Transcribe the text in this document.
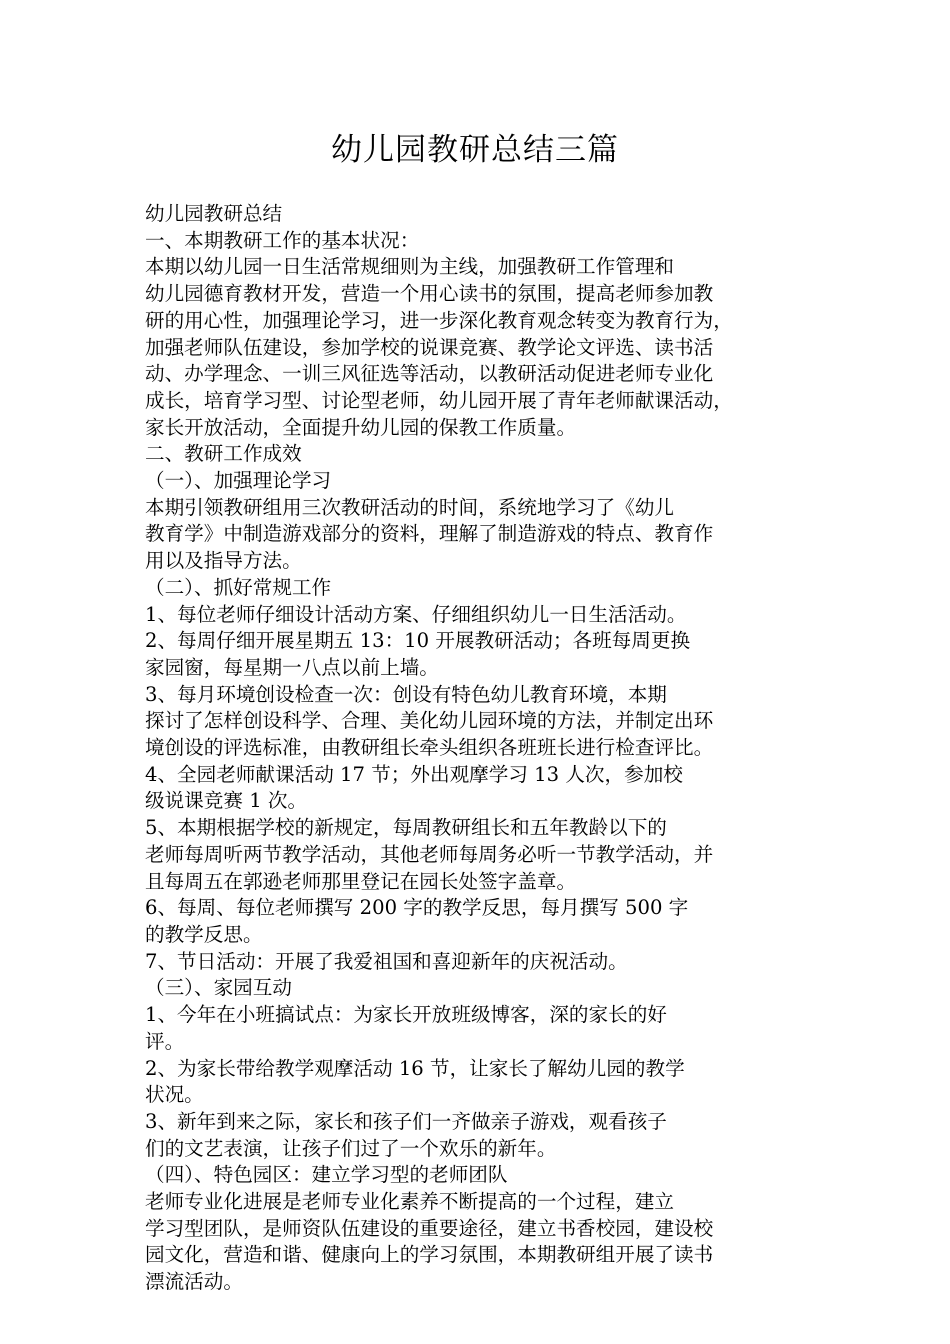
幼儿园教研总结三篇

幼儿园教研总结

一、本期教研工作的基本状况：

本期以幼儿园一日生活常规细则为主线，加强教研工作管理和

幼儿园德育教材开发，营造一个用心读书的氛围，提高老师参加教

研的用心性，加强理论学习，进一步深化教育观念转变为教育行为，

加强老师队伍建设，参加学校的说课竞赛、教学论文评选、读书活

动、办学理念、一训三风征选等活动，以教研活动促进老师专业化

成长，培育学习型、讨论型老师，幼儿园开展了青年老师献课活动，

家长开放活动，全面提升幼儿园的保教工作质量。

二、教研工作成效

（一）、加强理论学习

本期引领教研组用三次教研活动的时间，系统地学习了《幼儿

教育学》中制造游戏部分的资料，理解了制造游戏的特点、教育作

用以及指导方法。

（二）、抓好常规工作

1、每位老师仔细设计活动方案、仔细组织幼儿一日生活活动。

2、每周仔细开展星期五 13：10 开展教研活动；各班每周更换

家园窗，每星期一八点以前上墙。

3、每月环境创设检查一次：创设有特色幼儿教育环境，本期

探讨了怎样创设科学、合理、美化幼儿园环境的方法，并制定出环

境创设的评选标准，由教研组长牵头组织各班班长进行检查评比。

4、全园老师献课活动 17 节；外出观摩学习 13 人次，参加校

级说课竞赛 1 次。

5、本期根据学校的新规定，每周教研组长和五年教龄以下的

老师每周听两节教学活动，其他老师每周务必听一节教学活动，并

且每周五在郭逊老师那里登记在园长处签字盖章。

6、每周、每位老师撰写 200 字的教学反思，每月撰写 500 字

的教学反思。

7、节日活动：开展了我爱祖国和喜迎新年的庆祝活动。

（三）、家园互动

1、今年在小班搞试点：为家长开放班级博客，深的家长的好

评。

2、为家长带给教学观摩活动 16 节，让家长了解幼儿园的教学

状况。

3、新年到来之际，家长和孩子们一齐做亲子游戏，观看孩子

们的文艺表演，让孩子们过了一个欢乐的新年。

（四）、特色园区：建立学习型的老师团队

老师专业化进展是老师专业化素养不断提高的一个过程，建立

学习型团队，是师资队伍建设的重要途径，建立书香校园，建设校

园文化，营造和谐、健康向上的学习氛围，本期教研组开展了读书

漂流活动。
